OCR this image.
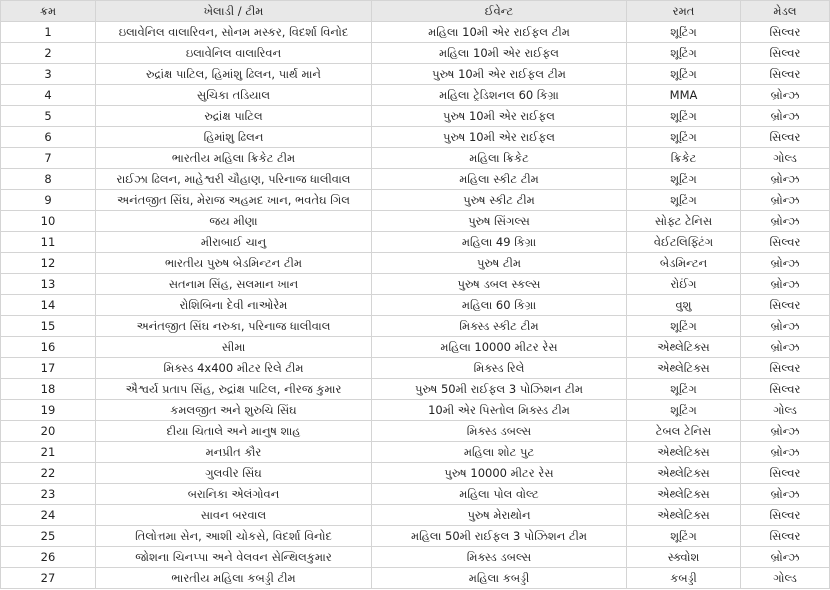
ક્રમ	ખેલાડી / ટીમ	ઈવેન્ટ	રમત	મેડલ
1	ઇલાવેનિલ વાલારિવન, સોનમ મસ્કર, વિદર્શા વિનોદ	મહિલા 10મી એર રાઈફલ ટીમ	શૂટિંગ	સિલ્વર
2	ઇલાવેનિલ વાલારિવન	મહિલા 10મી એર રાઈફલ	શૂટિંગ	સિલ્વર
3	રુદ્રાંક્ષ પાટિલ, હિમાંશુ ઢિલન, પાર્થ માને	પુરુષ 10મી એર રાઈફલ ટીમ	શૂટિંગ	સિલ્વર
4	સુચિકા તડિયાલ	મહિલા ટ્રેડિશનલ 60 કિગ્રા	MMA	બ્રોન્ઝ
5	રુદ્રાંક્ષ પાટિલ	પુરુષ 10મી એર રાઈફલ	શૂટિંગ	બ્રોન્ઝ
6	હિમાંશુ ઢિલન	પુરુષ 10મી એર રાઈફલ	શૂટિંગ	સિલ્વર
7	ભારતીય મહિલા ક્રિકેટ ટીમ	મહિલા ક્રિકેટ	ક્રિકેટ	ગોલ્ડ
8	રાઈઝા ઢિલન, માહેશ્વરી ચૌહાણ, પરિનાજ ધાલીવાલ	મહિલા સ્કીટ ટીમ	શૂટિંગ	બ્રોન્ઝ
9	અનંતજીત સિંઘ, મેરાજ અહમદ ખાન, ભવતેઘ ગિલ	પુરુષ સ્કીટ ટીમ	શૂટિંગ	બ્રોન્ઝ
10	જય મીણા	પુરુષ સિંગલ્સ	સોફ્ટ ટેનિસ	બ્રોન્ઝ
11	મીરાબાઈ ચાનુ	મહિલા 49 કિગ્રા	વેઈટલિફ્ટિંગ	સિલ્વર
12	ભારતીય પુરુષ બેડમિન્ટન ટીમ	પુરુષ ટીમ	બેડમિન્ટન	બ્રોન્ઝ
13	સતનામ સિંહ, સલમાન ખાન	પુરુષ ડબલ સ્કલ્સ	રોઈંગ	બ્રોન્ઝ
14	રોશિબિના દેવી નાઓરેમ	મહિલા 60 કિગ્રા	વુશુ	સિલ્વર
15	અનંતજીત સિંઘ નરુકા, પરિનાજ ધાલીવાલ	મિક્સ્ડ સ્કીટ ટીમ	શૂટિંગ	બ્રોન્ઝ
16	સીમા	મહિલા 10000 મીટર રેસ	એથ્લેટિક્સ	બ્રોન્ઝ
17	મિક્સ્ડ 4x400 મીટર રિલે ટીમ	મિક્સ્ડ રિલે	એથ્લેટિક્સ	સિલ્વર
18	ઐશ્વર્ય પ્રતાપ સિંહ, રુદ્રાંક્ષ પાટિલ, નીરજ કુમાર	પુરુષ 50મી રાઈફલ 3 પોઝિશન ટીમ	શૂટિંગ	સિલ્વર
19	કમલજીત અને શુરુચિ સિંઘ	10મી એર પિસ્તોલ મિક્સ્ડ ટીમ	શૂટિંગ	ગોલ્ડ
20	દીયા ચિતાલે અને માનુષ શાહ	મિક્સ્ડ ડબલ્સ	ટેબલ ટેનિસ	બ્રોન્ઝ
21	મનપ્રીત કૌર	મહિલા શોટ પુટ	એથ્લેટિક્સ	બ્રોન્ઝ
22	ગુલવીર સિંઘ	પુરુષ 10000 મીટર રેસ	એથ્લેટિક્સ	સિલ્વર
23	બરાનિકા એલંગોવન	મહિલા પોલ વોલ્ટ	એથ્લેટિક્સ	બ્રોન્ઝ
24	સાવન બરવાલ	પુરુષ મેરાથોન	એથ્લેટિક્સ	સિલ્વર
25	તિલોત્તમા સેન, આશી ચોકસે, વિદર્શા વિનોદ	મહિલા 50મી રાઈફલ 3 પોઝિશન ટીમ	શૂટિંગ	સિલ્વર
26	જોશના ચિનપ્પા અને વેલવન સેન્થિલકુમાર	મિક્સ્ડ ડબલ્સ	સ્ક્વોશ	બ્રોન્ઝ
27	ભારતીય મહિલા કબડ્ડી ટીમ	મહિલા કબડ્ડી	કબડ્ડી	ગોલ્ડ
